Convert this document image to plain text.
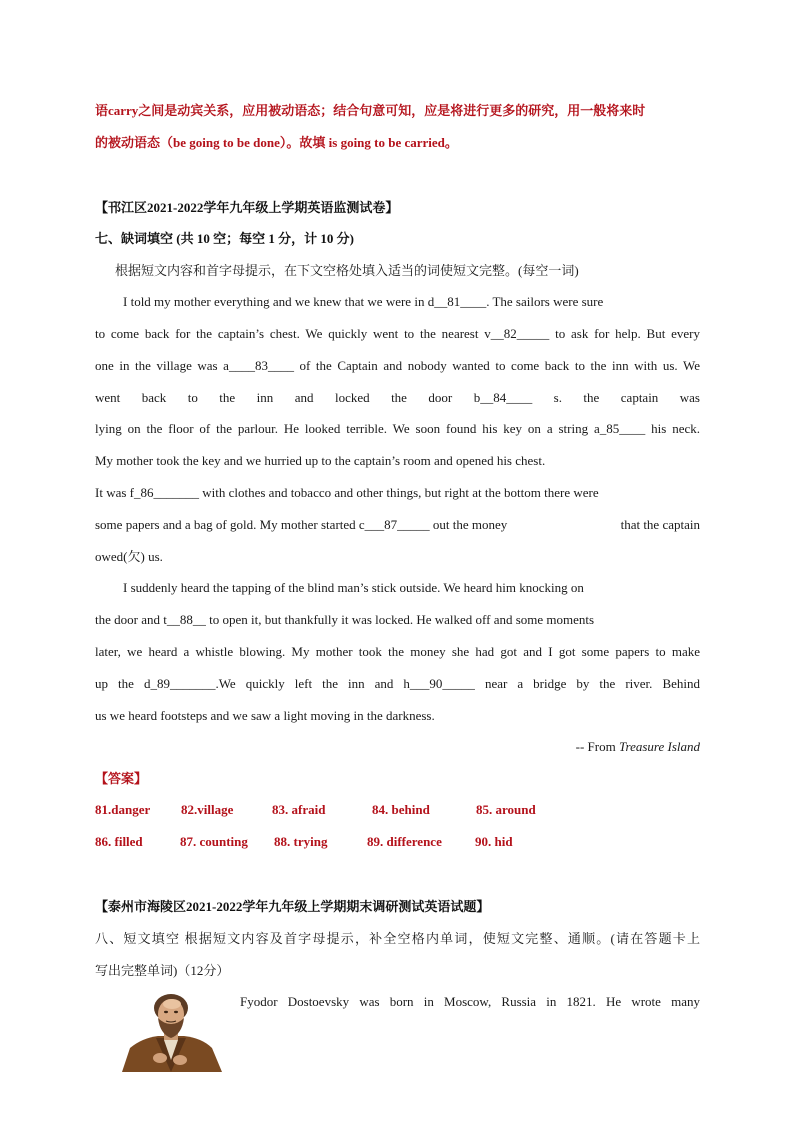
语carry之间是动宾关系，应用被动语态；结合句意可知，应是将进行更多的研究，用一般将来时
的被动语态（be going to be done）。故填 is going to be carried。
【邗江区2021-2022学年九年级上学期英语监测试卷】
七、缺词填空 (共 10 空；每空 1 分，计 10 分)
根据短文内容和首字母提示，在下文空格处填入适当的词使短文完整。(每空一词)
I told my mother everything and we knew that we were in d__81____. The sailors were sure
to come back for the captain’s chest. We quickly went to the nearest v__82_____ to ask for help. But every
one in the village was a____83____ of the Captain and nobody wanted to come back to the inn with us. We
went back to the inn and locked the door b__84____ s. the captain was
lying on the floor of the parlour. He looked terrible. We soon found his key on a string a_85____ his neck.
My mother took the key and we hurried up to the captain’s room and opened his chest.
It was f_86_______ with clothes and tobacco and other things, but right at the bottom there were
some papers and a bag of gold. My mother started c___87_____ out the money	that the captain
owed(欠) us.
I suddenly heard the tapping of the blind man’s stick outside. We heard him knocking on
the door and t__88__ to open it, but thankfully it was locked. He walked off and some moments
later, we heard a whistle blowing. My mother took the money she had got and I got some papers to make
up the d_89_______.We quickly left the inn and h___90_____ near a bridge by the river. Behind
us we heard footsteps and we saw a light moving in the darkness.
-- From Treasure Island
【答案】
81.danger 82.village	83. afraid	84. behind	85. around
86. filled	87. counting 88. trying	89. difference	90. hid
【泰州市海陵区2021-2022学年九年级上学期期末调研测试英语试题】
八、短文填空 根据短文内容及首字母提示，补全空格内单词，使短文完整、通顺。(请在答题卡上
写出完整单词)（12分）
Fyodor Dostoevsky was born in Moscow, Russia in 1821. He wrote many
